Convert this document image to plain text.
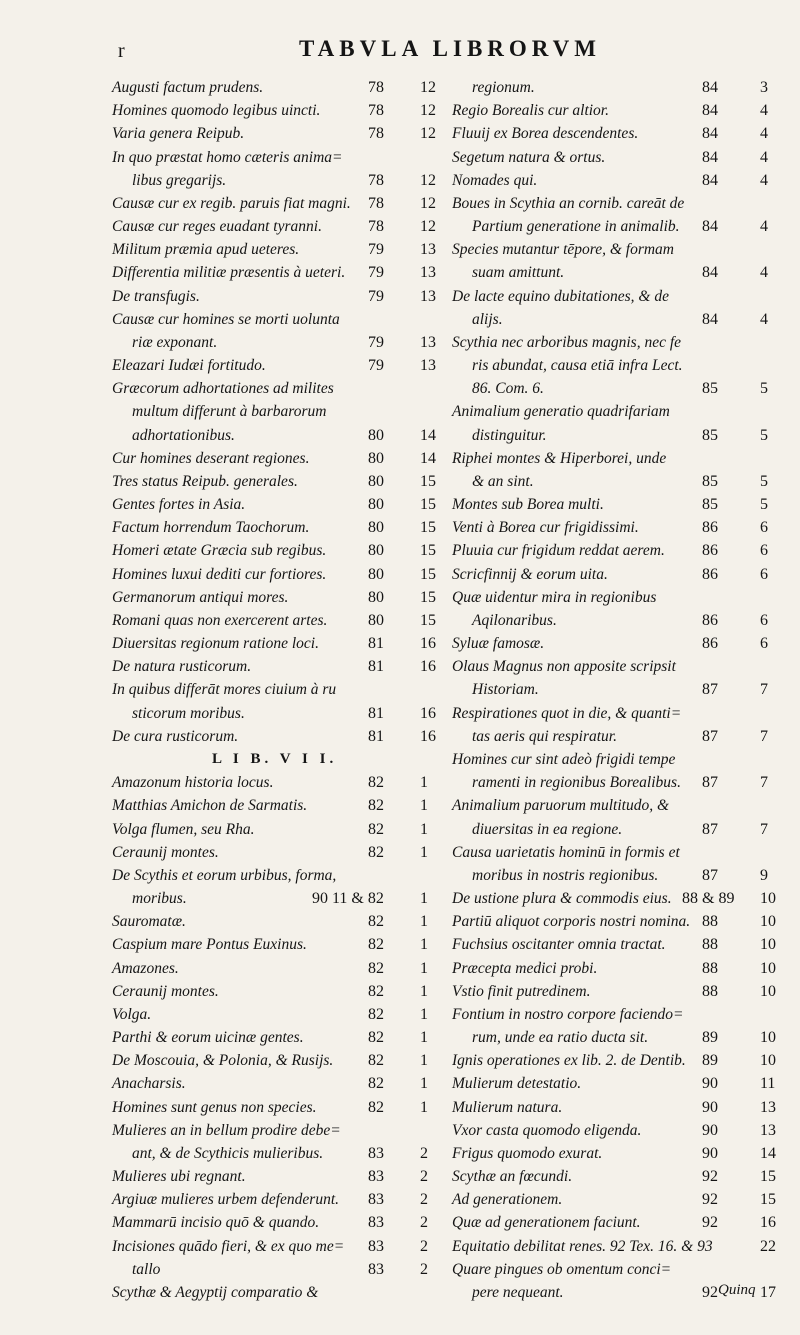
r	TABVLA LIBRORVM
Augusti factum prudens.	78 12
Homines quomodo legibus uincti.	78 12
Varia genera Reipub.	78 12
In quo præstat homo cæteris anima=
libus gregarijs.	78 12
Causæ cur ex regib. paruis fiat magni. 78 12
Causæ cur reges euadant tyranni.	78 12
Militum præmia apud ueteres.	79 13
Differentia militiæ præsentis à ueteri. 79 13
De transfugis.	79 13
Causæ cur homines se morti uolunta
riæ exponant.	79 13
Eleazari Iudæi fortitudo.	79 13
Græcorum adhortationes ad milites
multum differunt à barbarorum
adhortationibus.	80 14
Cur homines deserant regiones.	80 14
Tres status Reipub. generales.	80 15
Gentes fortes in Asia.	80 15
Factum horrendum Taochorum.	80 15
Homeri ætate Græcia sub regibus.	80 15
Homines luxui dediti cur fortiores.	80 15
Germanorum antiqui mores.	80 15
Romani quas non exercerent artes.	80 15
Diuersitas regionum ratione loci.	81 16
De natura rusticorum.	81 16
In quibus differāt mores ciuium à ru
sticorum moribus.	81 16
De cura rusticorum.	81 16
L I B. V I I.
Amazonum historia locus.	82 1
Matthias Amichon de Sarmatis.	82 1
Volga flumen, seu Rha.	82 1
Ceraunij montes.	82 1
De Scythis et eorum urbibus, forma,
moribus.	90 11 & 82 1
Sauromatæ.	82 1
Caspium mare Pontus Euxinus.	82 1
Amazones.	82 1
Ceraunij montes.	82 1
Volga.	82 1
Parthi & eorum uicinæ gentes.	82 1
De Moscouia, & Polonia, & Rusijs. 82 1
Anacharsis.	82 1
Homines sunt genus non species.	82 1
Mulieres an in bellum prodire debe=
ant, & de Scythicis mulieribus.	83 2
Mulieres ubi regnant.	83 2
Argiuæ mulieres urbem defenderunt. 83 2
Mammarū incisio quō & quando.	83 2
Incisiones quādo fieri, & ex quo me= 83 2
tallo	83 2
Scythæ & Aegyptij comparatio &
regionum.	84	3
Regio Borealis cur altior.	84	4
Fluuij ex Borea descendentes.	84	4
Segetum natura & ortus.	84	4
Nomades qui.	84	4
Boues in Scythia an cornib. careāt de
Partium generatione in animalib. 84	4
Species mutantur tēpore, & formam
suam amittunt.	84	4
De lacte equino dubitationes, & de
alijs.	84	4
Scythia nec arboribus magnis, nec fe
ris abundat, causa etiā infra Lect.
86. Com. 6.	85	5
Animalium generatio quadrifariam
distinguitur.	85	5
Riphei montes & Hiperborei, unde
& an sint.	85	5
Montes sub Borea multi.	85	5
Venti à Borea cur frigidissimi.	86	6
Pluuia cur frigidum reddat aerem. 86	6
Scricfinnij & eorum uita.	86	6
Quæ uidentur mira in regionibus
Aqilonaribus.	86	6
Syluæ famosæ.	86	6
Olaus Magnus non apposite scripsit
Historiam.	87	7
Respirationes quot in die, & quanti=
tas aeris qui respiratur.	87	7
Homines cur sint adeò frigidi tempe
ramenti in regionibus Borealibus. 87	7
Animalium paruorum multitudo, &
diuersitas in ea regione.	87	7
Causa uarietatis hominū in formis et
moribus in nostris regionibus.	87	9
De ustione plura & commodis eius. 88 & 89 10
Partiū aliquot corporis nostri nomina. 88	10
Fuchsius oscitanter omnia tractat. 88	10
Præcepta medici probi.	88	10
Vstio finit putredinem.	88	10
Fontium in nostro corpore faciendo=
rum, unde ea ratio ducta sit.	89	10
Ignis operationes ex lib. 2. de Dentib. 89	10
Mulierum detestatio.	90	11
Mulierum natura.	90	13
Vxor casta quomodo eligenda.	90	13
Frigus quomodo exurat.	90	14
Scythæ an fœcundi.	92	15
Ad generationem.	92	15
Quæ ad generationem faciunt.	92	16
Equitatio debilitat renes. 92 Tex. 16. & 93	22
Quare pingues ob omentum conci=
pere nequeant.	92	17
Quinq
